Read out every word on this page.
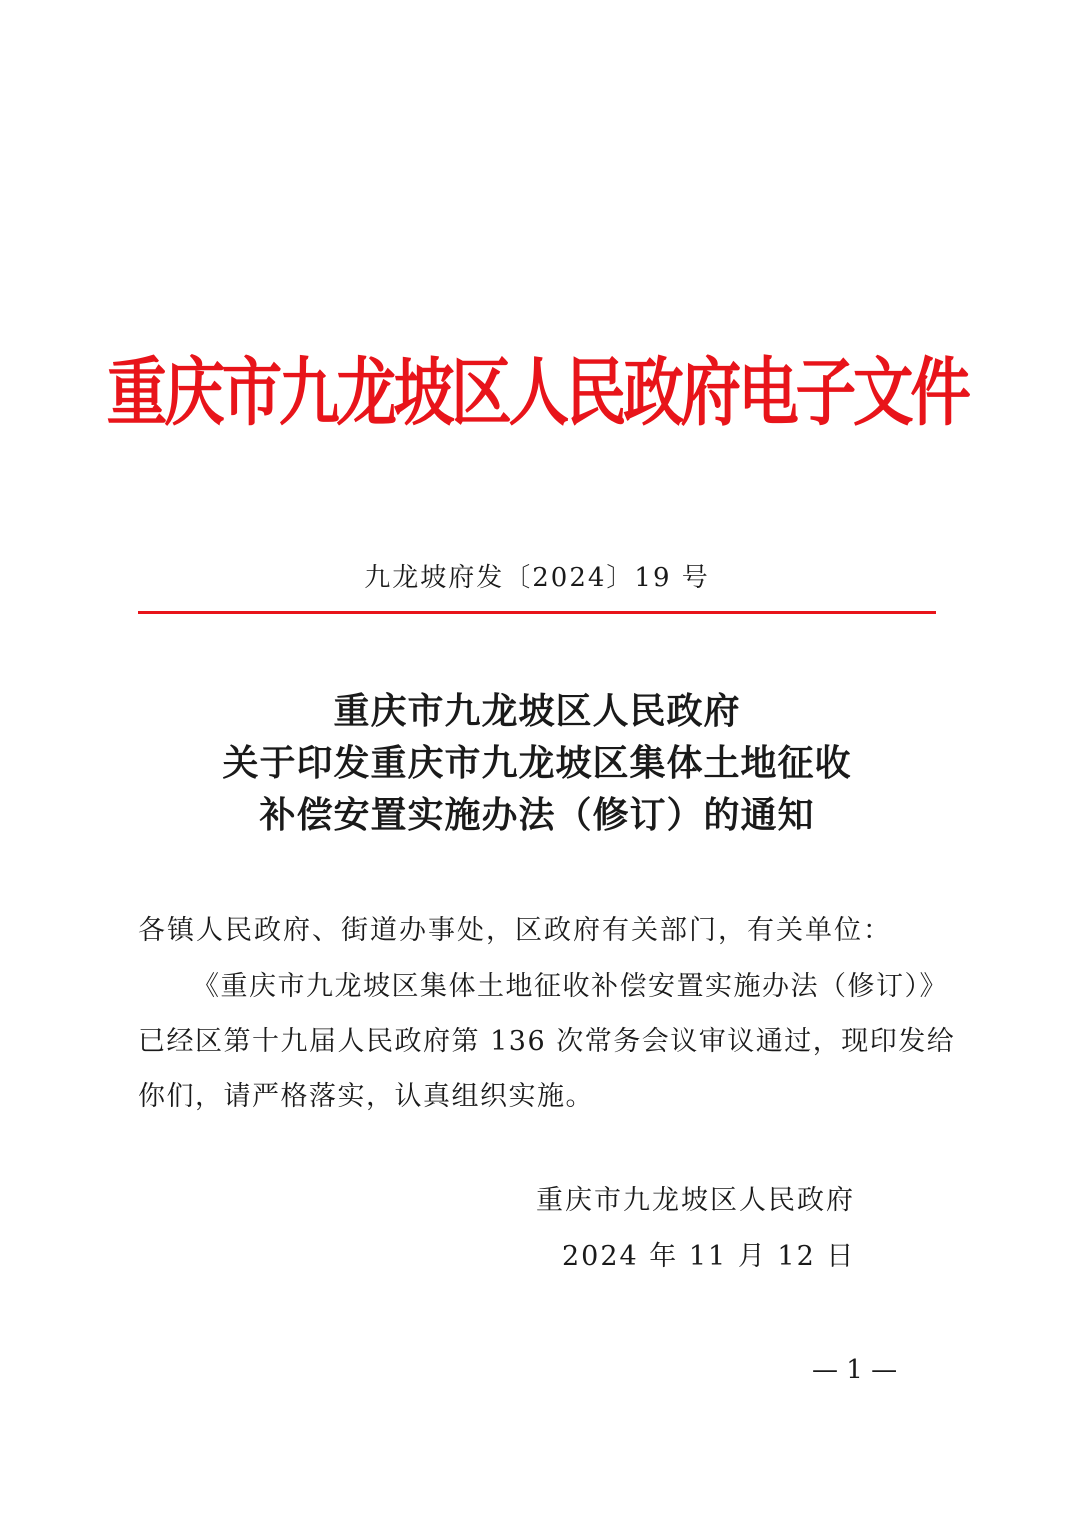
重庆市九龙坡区人民政府电子文件
九龙坡府发〔2024〕19 号
重庆市九龙坡区人民政府
关于印发重庆市九龙坡区集体土地征收
补偿安置实施办法（修订）的通知
各镇人民政府、街道办事处，区政府有关部门，有关单位：
《重庆市九龙坡区集体土地征收补偿安置实施办法（修订）》
已经区第十九届人民政府第 136 次常务会议审议通过，现印发给
你们，请严格落实，认真组织实施。
重庆市九龙坡区人民政府
2024 年 11 月 12 日
— 1 —
